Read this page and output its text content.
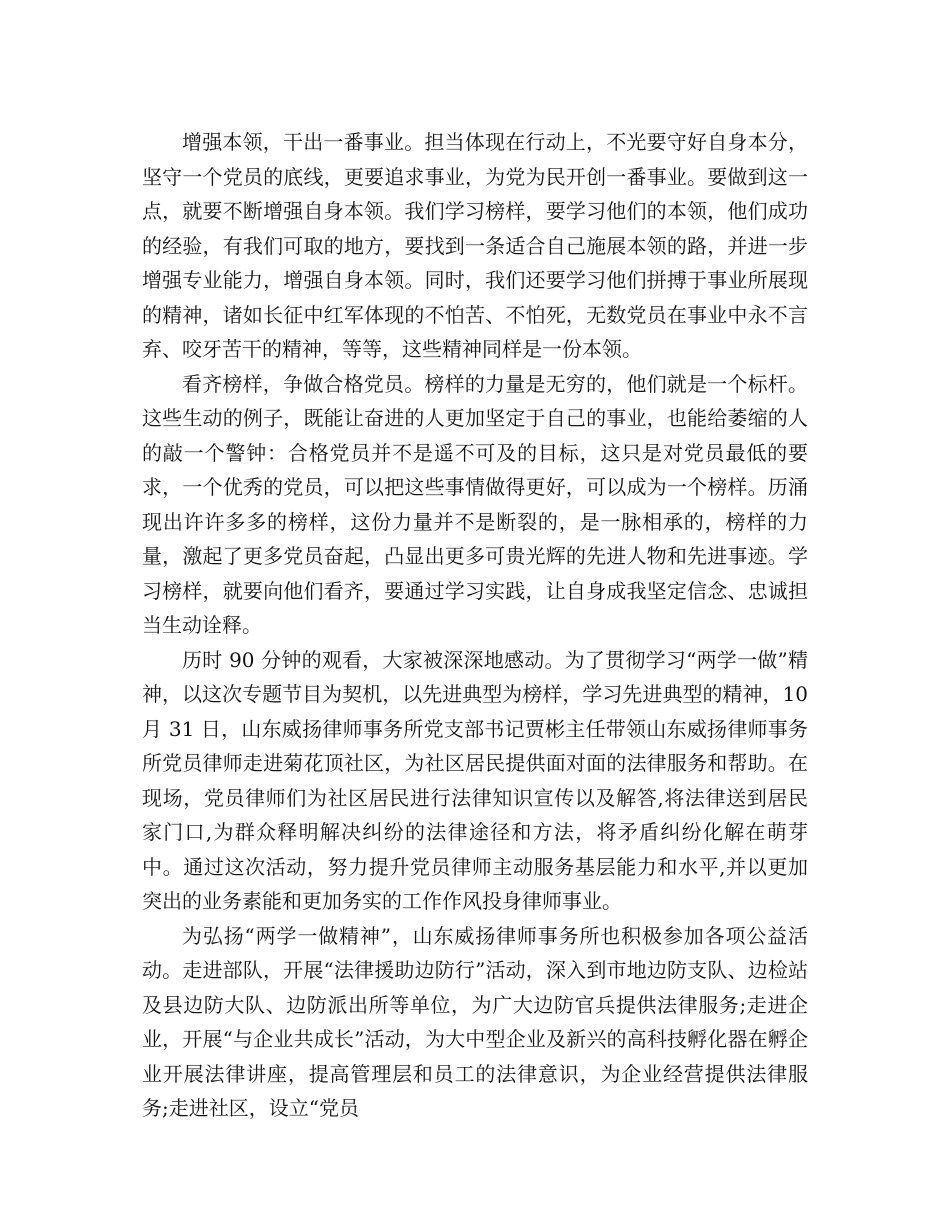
增强本领，干出一番事业。担当体现在行动上，不光要守好自身本分，坚守一个党员的底线，更要追求事业，为党为民开创一番事业。要做到这一点，就要不断增强自身本领。我们学习榜样，要学习他们的本领，他们成功的经验，有我们可取的地方，要找到一条适合自己施展本领的路，并进一步增强专业能力，增强自身本领。同时，我们还要学习他们拼搏于事业所展现的精神，诸如长征中红军体现的不怕苦、不怕死，无数党员在事业中永不言弃、咬牙苦干的精神，等等，这些精神同样是一份本领。

看齐榜样，争做合格党员。榜样的力量是无穷的，他们就是一个标杆。这些生动的例子，既能让奋进的人更加坚定于自己的事业，也能给萎缩的人的敲一个警钟：合格党员并不是遥不可及的目标，这只是对党员最低的要求，一个优秀的党员，可以把这些事情做得更好，可以成为一个榜样。历涌现出许许多多的榜样，这份力量并不是断裂的，是一脉相承的，榜样的力量，激起了更多党员奋起，凸显出更多可贵光辉的先进人物和先进事迹。学习榜样，就要向他们看齐，要通过学习实践，让自身成我坚定信念、忠诚担当生动诠释。

历时 90 分钟的观看，大家被深深地感动。为了贯彻学习“两学一做”精神，以这次专题节目为契机，以先进典型为榜样，学习先进典型的精神，10 月 31 日，山东威扬律师事务所党支部书记贾彬主任带领山东威扬律师事务所党员律师走进菊花顶社区，为社区居民提供面对面的法律服务和帮助。在现场，党员律师们为社区居民进行法律知识宣传以及解答,将法律送到居民家门口,为群众释明解决纠纷的法律途径和方法，将矛盾纠纷化解在萌芽中。通过这次活动，努力提升党员律师主动服务基层能力和水平,并以更加突出的业务素能和更加务实的工作作风投身律师事业。

为弘扬“两学一做精神”，山东威扬律师事务所也积极参加各项公益活动。走进部队，开展“法律援助边防行”活动，深入到市地边防支队、边检站及县边防大队、边防派出所等单位，为广大边防官兵提供法律服务;走进企业，开展“与企业共成长”活动，为大中型企业及新兴的高科技孵化器在孵企业开展法律讲座，提高管理层和员工的法律意识，为企业经营提供法律服务;走进社区，设立“党员
